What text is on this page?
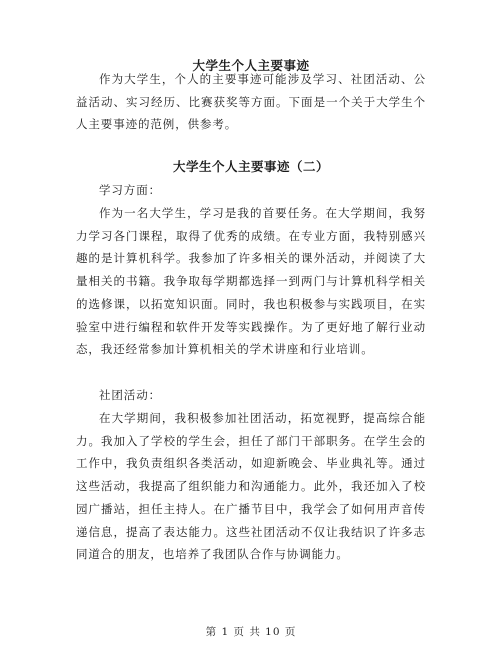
大学生个人主要事迹

作为大学生，个人的主要事迹可能涉及学习、社团活动、公益活动、实习经历、比赛获奖等方面。下面是一个关于大学生个人主要事迹的范例，供参考。

大学生个人主要事迹（二）

学习方面：

作为一名大学生，学习是我的首要任务。在大学期间，我努力学习各门课程，取得了优秀的成绩。在专业方面，我特别感兴趣的是计算机科学。我参加了许多相关的课外活动，并阅读了大量相关的书籍。我争取每学期都选择一到两门与计算机科学相关的选修课，以拓宽知识面。同时，我也积极参与实践项目，在实验室中进行编程和软件开发等实践操作。为了更好地了解行业动态，我还经常参加计算机相关的学术讲座和行业培训。

社团活动：

在大学期间，我积极参加社团活动，拓宽视野，提高综合能力。我加入了学校的学生会，担任了部门干部职务。在学生会的工作中，我负责组织各类活动，如迎新晚会、毕业典礼等。通过这些活动，我提高了组织能力和沟通能力。此外，我还加入了校园广播站，担任主持人。在广播节目中，我学会了如何用声音传递信息，提高了表达能力。这些社团活动不仅让我结识了许多志同道合的朋友，也培养了我团队合作与协调能力。

第 1 页 共 10 页
